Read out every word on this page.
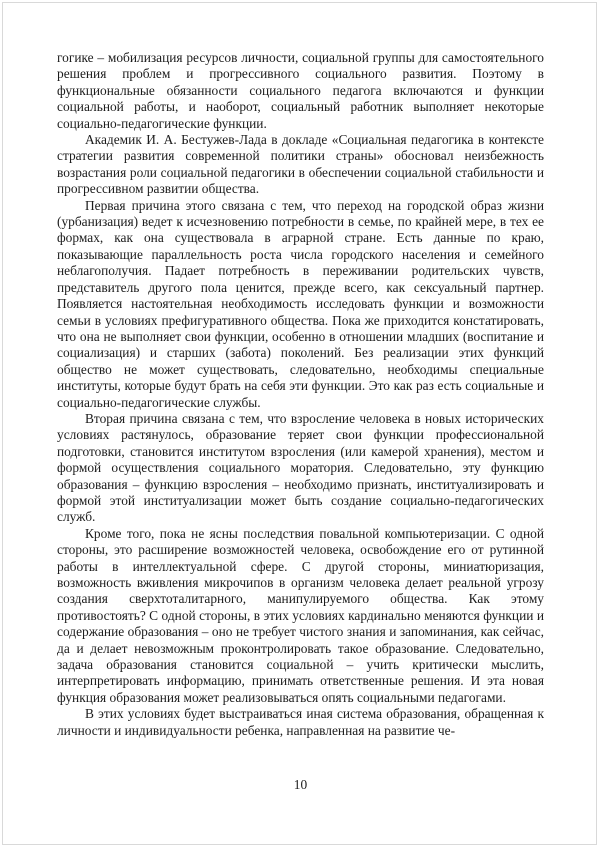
гогике – мобилизация ресурсов личности, социальной группы для самостоятельного решения проблем и прогрессивного социального развития. Поэтому в функциональные обязанности социального педагога включаются и функции социальной работы, и наоборот, социальный работник выполняет некоторые социально-педагогические функции.

Академик И. А. Бестужев-Лада в докладе «Социальная педагогика в контексте стратегии развития современной политики страны» обосновал неизбежность возрастания роли социальной педагогики в обеспечении социальной стабильности и прогрессивном развитии общества.

Первая причина этого связана с тем, что переход на городской образ жизни (урбанизация) ведет к исчезновению потребности в семье, по крайней мере, в тех ее формах, как она существовала в аграрной стране. Есть данные по краю, показывающие параллельность роста числа городского населения и семейного неблагополучия. Падает потребность в переживании родительских чувств, представитель другого пола ценится, прежде всего, как сексуальный партнер. Появляется настоятельная необходимость исследовать функции и возможности семьи в условиях префигуративного общества. Пока же приходится констатировать, что она не выполняет свои функции, особенно в отношении младших (воспитание и социализация) и старших (забота) поколений. Без реализации этих функций общество не может существовать, следовательно, необходимы специальные институты, которые будут брать на себя эти функции. Это как раз есть социальные и социально-педагогические службы.

Вторая причина связана с тем, что взросление человека в новых исторических условиях растянулось, образование теряет свои функции профессиональной подготовки, становится институтом взросления (или камерой хранения), местом и формой осуществления социального моратория. Следовательно, эту функцию образования – функцию взросления – необходимо признать, институализировать и формой этой институализации может быть создание социально-педагогических служб.

Кроме того, пока не ясны последствия повальной компьютеризации. С одной стороны, это расширение возможностей человека, освобождение его от рутинной работы в интеллектуальной сфере. С другой стороны, миниатюризация, возможность вживления микрочипов в организм человека делает реальной угрозу создания сверхтоталитарного, манипулируемого общества. Как этому противостоять? С одной стороны, в этих условиях кардинально меняются функции и содержание образования – оно не требует чистого знания и запоминания, как сейчас, да и делает невозможным проконтролировать такое образование. Следовательно, задача образования становится социальной – учить критически мыслить, интерпретировать информацию, принимать ответственные решения. И эта новая функция образования может реализовываться опять социальными педагогами.

В этих условиях будет выстраиваться иная система образования, обращенная к личности и индивидуальности ребенка, направленная на развитие че-

10
